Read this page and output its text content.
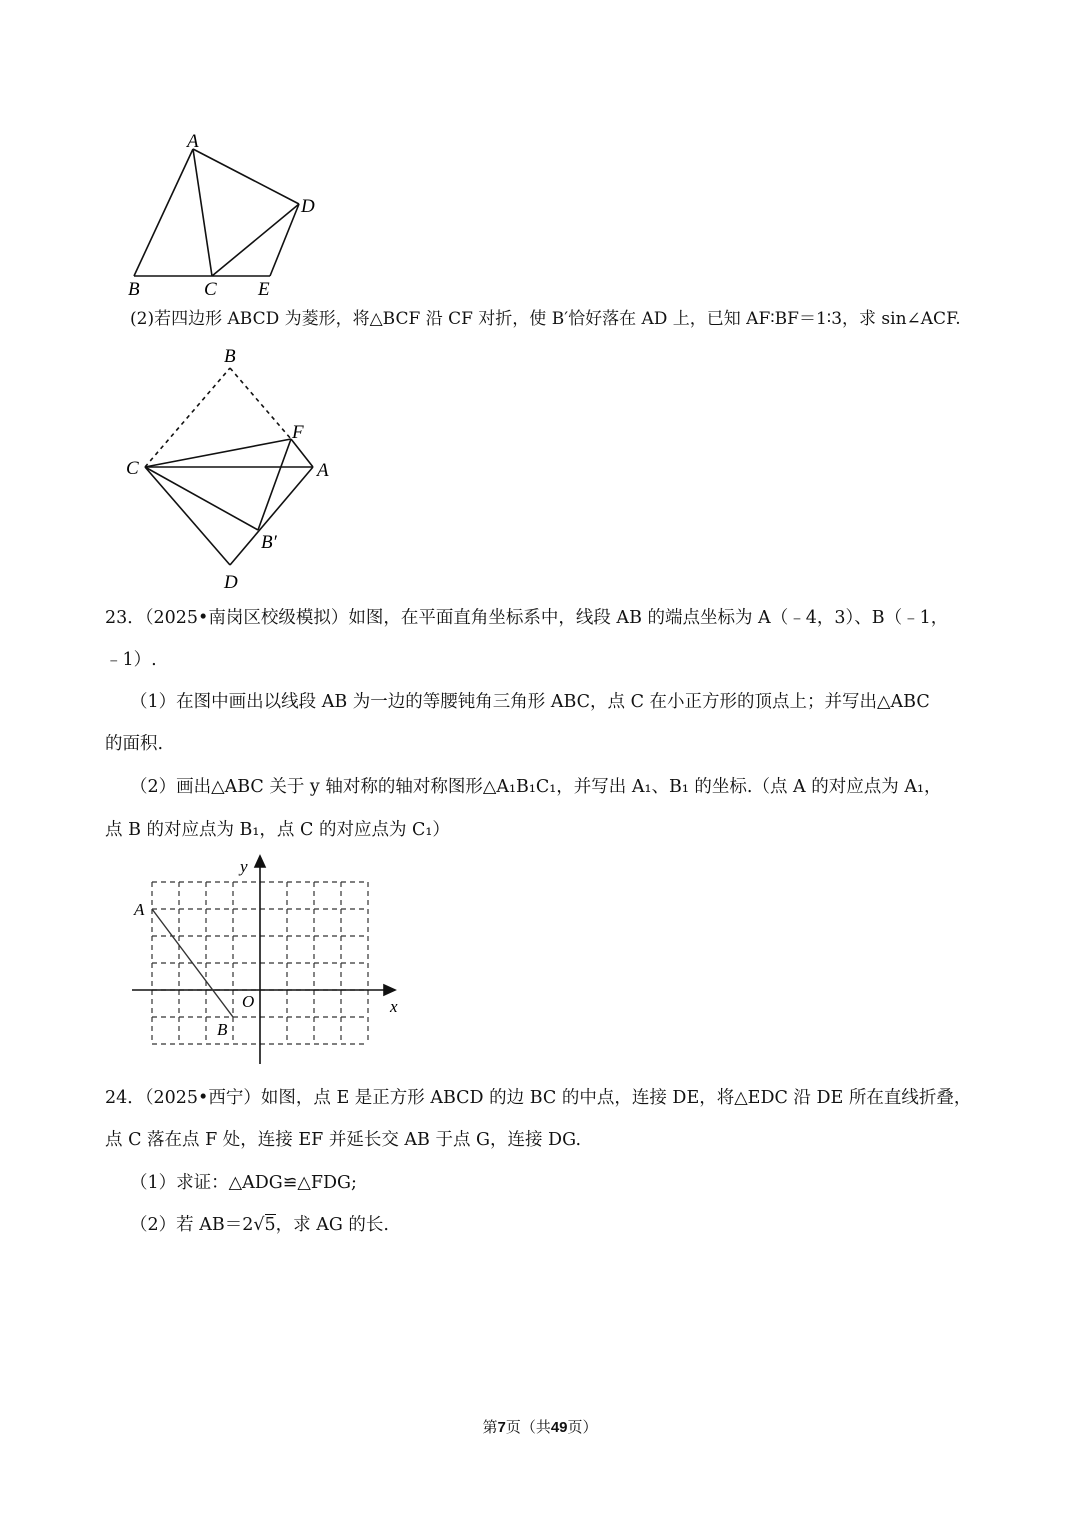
A
D
B	C E
(2)若四边形 ABCD 为菱形，将△BCF 沿 CF 对折，使 B′恰好落在 AD 上，已知 AF∶BF＝1∶3，求 sin∠ACF.
B
F
C	A
B′
D
23．（2025•南岗区校级模拟）如图，在平面直角坐标系中，线段 AB 的端点坐标为 A（﹣4，3）、B（﹣1，
﹣1）.
（1）在图中画出以线段 AB 为一边的等腰钝角三角形 ABC，点 C 在小正方形的顶点上；并写出△ABC
的面积.
（2）画出△ABC 关于 y 轴对称的轴对称图形△A₁B₁C₁，并写出 A₁、B₁ 的坐标.（点 A 的对应点为 A₁，
点 B 的对应点为 B₁，点 C 的对应点为 C₁）
y
A
O	x
B
24．（2025•西宁）如图，点 E 是正方形 ABCD 的边 BC 的中点，连接 DE，将△EDC 沿 DE 所在直线折叠，
点 C 落在点 F 处，连接 EF 并延长交 AB 于点 G，连接 DG.
（1）求证：△ADG≌△FDG;
（2）若 AB＝2√5，求 AG 的长.
第7页（共49页）
